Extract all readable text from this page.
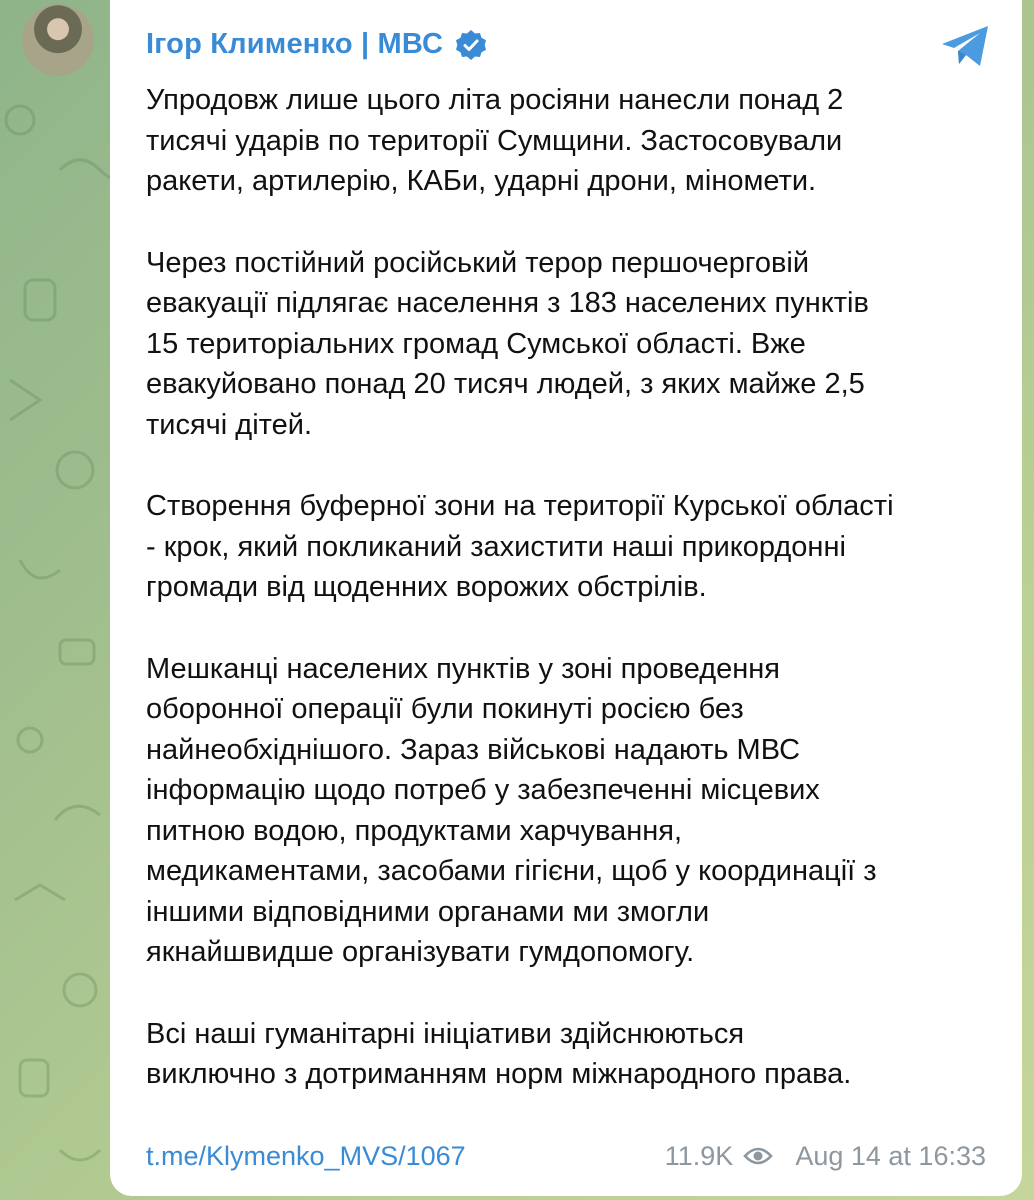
Ігор Клименко | МВС

Упродовж лише цього літа росіяни нанесли понад 2
тисячі ударів по території Сумщини. Застосовували
ракети, артилерію, КАБи, ударні дрони, міномети.

Через постійний російський терор першочерговій
евакуації підлягає населення з 183 населених пунктів
15 територіальних громад Сумської області. Вже
евакуйовано понад 20 тисяч людей, з яких майже 2,5
тисячі дітей.

Створення буферної зони на території Курської області
- крок, який покликаний захистити наші прикордонні
громади від щоденних ворожих обстрілів.

Мешканці населених пунктів у зоні проведення
оборонної операції були покинуті росією без
найнеобхіднішого. Зараз військові надають МВС
інформацію щодо потреб у забезпеченні місцевих
питною водою, продуктами харчування,
медикаментами, засобами гігієни, щоб у координації з
іншими відповідними органами ми змогли
якнайшвидше організувати гумдопомогу.

Всі наші гуманітарні ініціативи здійснюються
виключно з дотриманням норм міжнародного права.

t.me/Klymenko_MVS/1067	11.9K Aug 14 at 16:33
